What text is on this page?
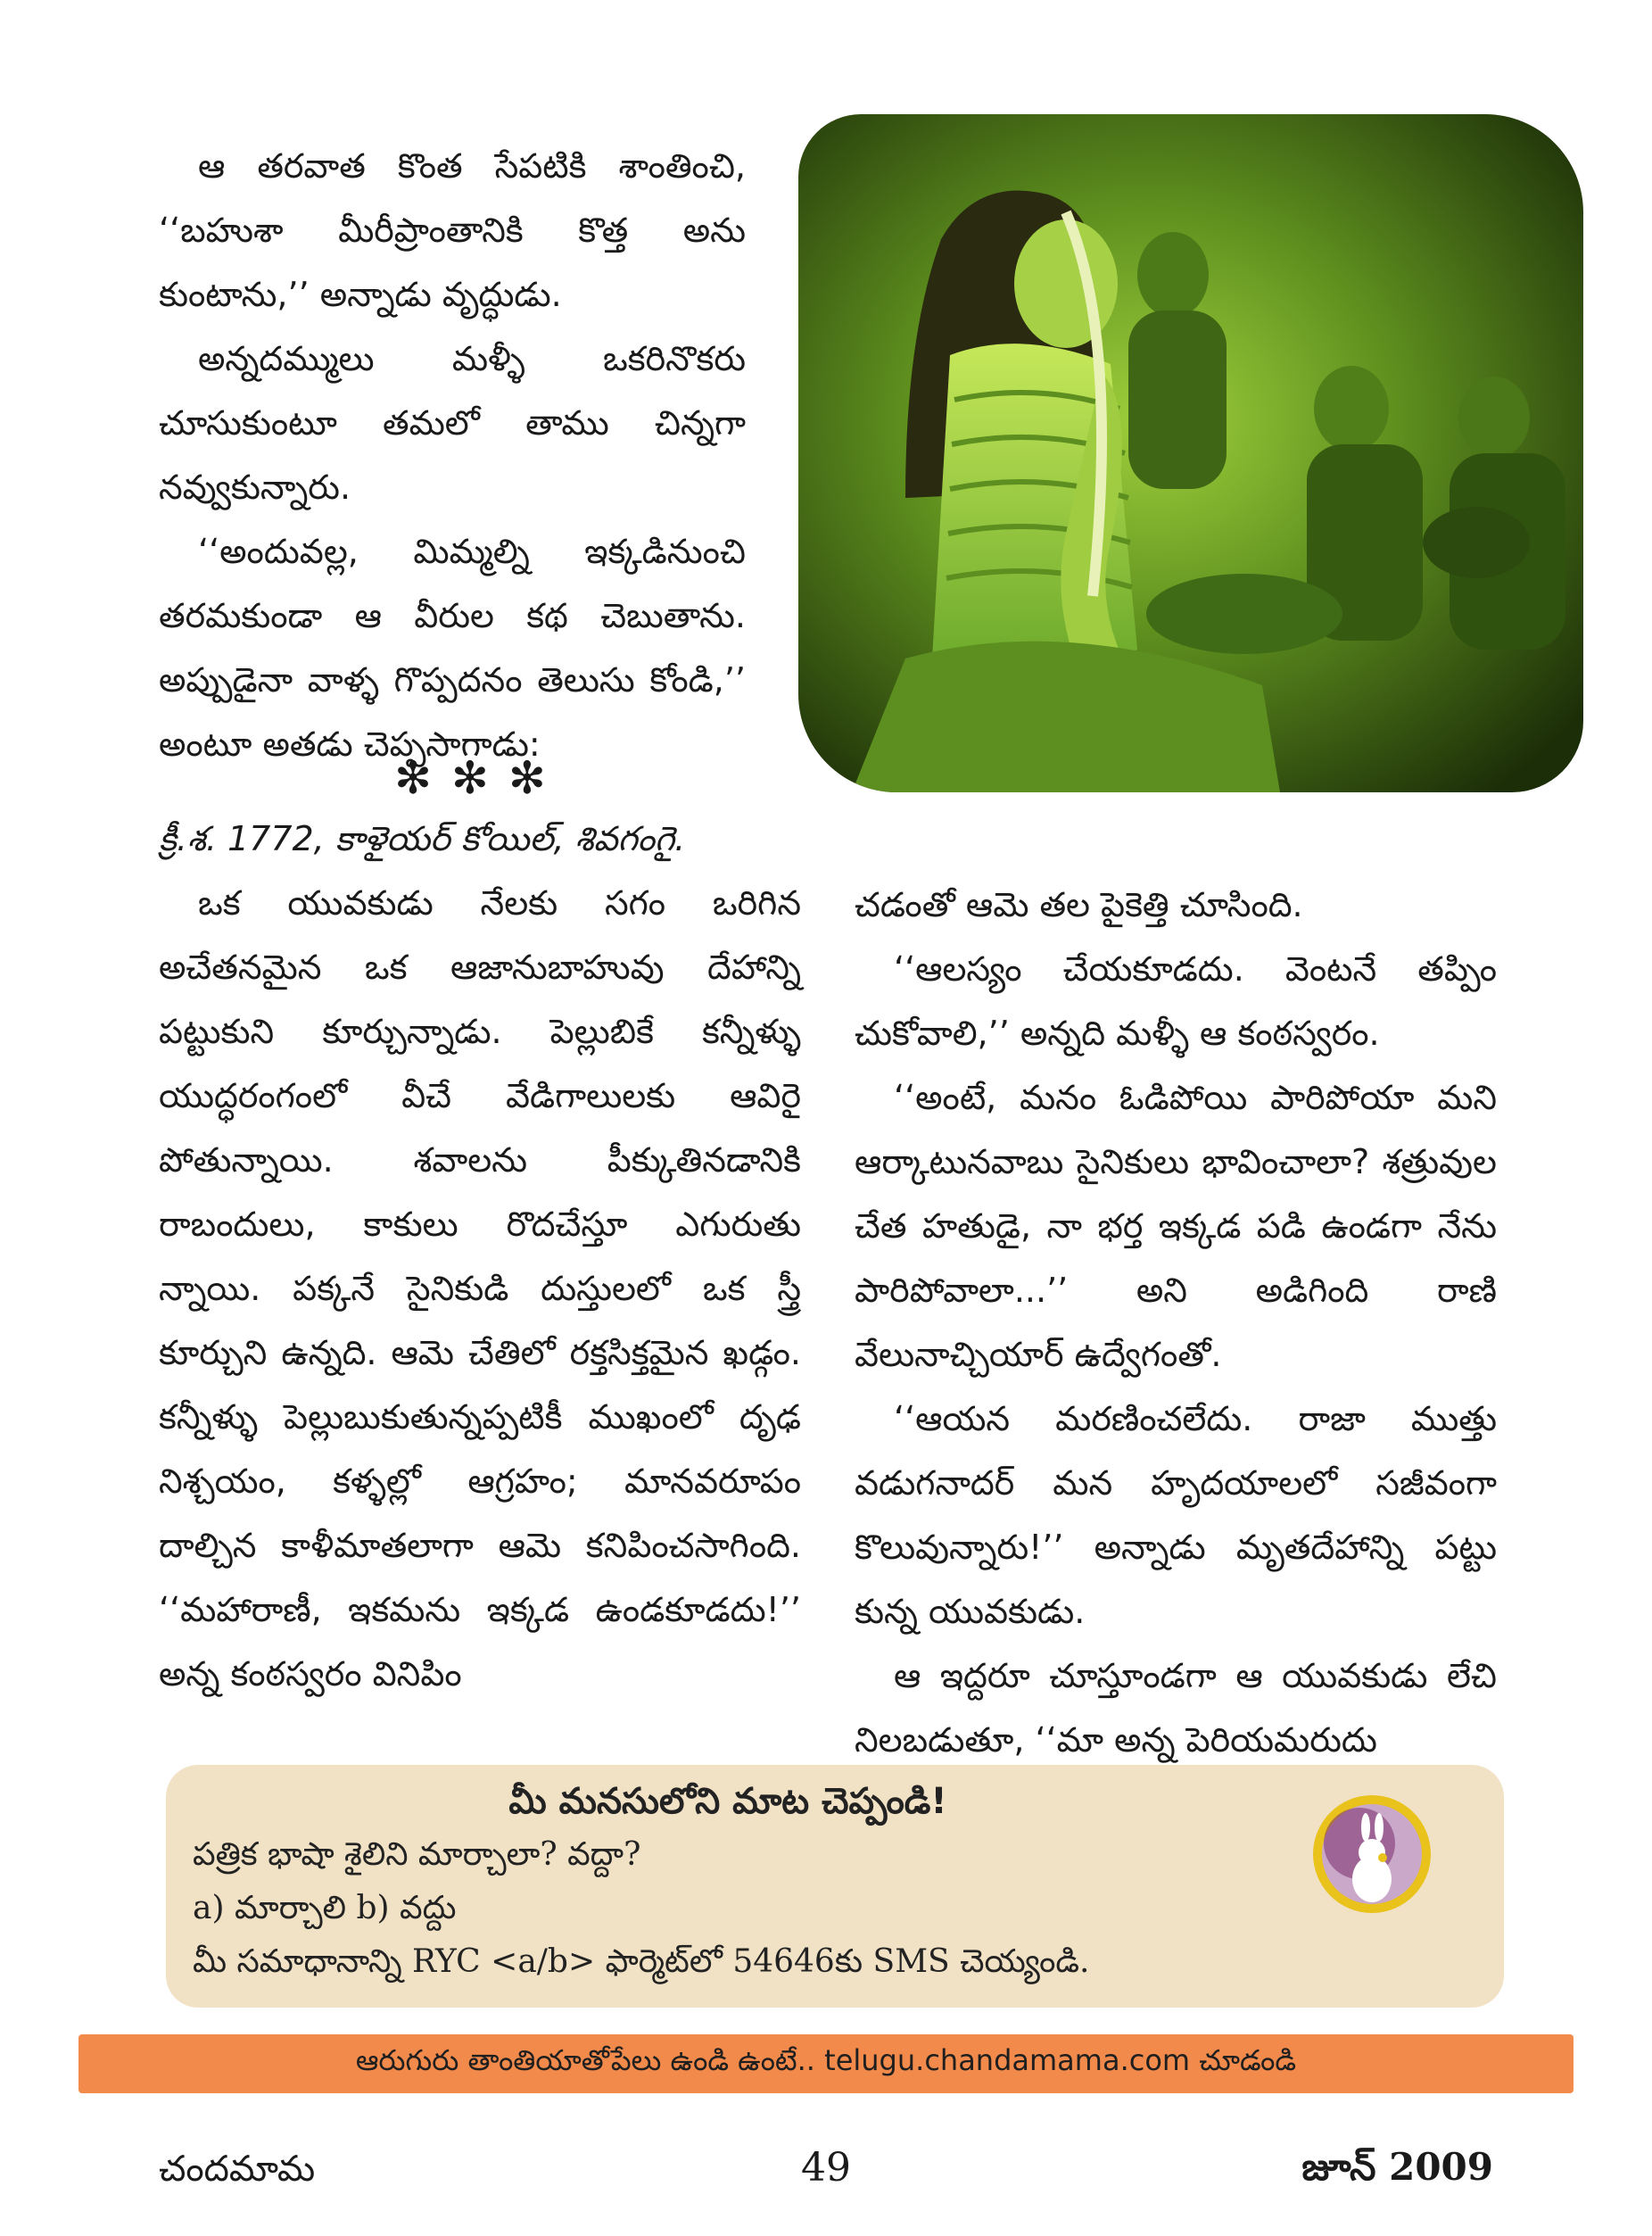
ఆ తరవాత కొంత సేపటికి శాంతించి, ‘‘బహుశా మీరీప్రాంతానికి కొత్త అను కుంటాను,’’ అన్నాడు వృద్ధుడు.

అన్నదమ్ములు మళ్ళీ ఒకరినొకరు చూసుకుంటూ తమలో తాము చిన్నగా నవ్వుకున్నారు.

‘‘అందువల్ల, మిమ్మల్ని ఇక్కడినుంచి తరమకుండా ఆ వీరుల కథ చెబుతాను. అప్పుడైనా వాళ్ళ గొప్పదనం తెలుసు కోండి,’’ అంటూ అతడు చెప్పసాగాడు:

✻✻✻

క్రీ.శ. 1772, కాళైయర్ కోయిల్, శివగంగై.

ఒక యువకుడు నేలకు సగం ఒరిగిన అచేతనమైన ఒక ఆజానుబాహువు దేహాన్ని పట్టుకుని కూర్చున్నాడు. పెల్లుబికే కన్నీళ్ళు యుద్ధరంగంలో వీచే వేడిగాలులకు ఆవిరై పోతున్నాయి. శవాలను పీక్కుతినడానికి రాబందులు, కాకులు రొదచేస్తూ ఎగురుతు న్నాయి. పక్కనే సైనికుడి దుస్తులలో ఒక స్త్రీ కూర్చుని ఉన్నది. ఆమె చేతిలో రక్తసిక్తమైన ఖడ్గం. కన్నీళ్ళు పెల్లుబుకుతున్నప్పటికీ ముఖంలో దృఢ నిశ్చయం, కళ్ళల్లో ఆగ్రహం; మానవరూపం దాల్చిన కాళీమాతలాగా ఆమె కనిపించసాగింది. ‘‘మహారాణీ, ఇకమను ఇక్కడ ఉండకూడదు!’’ అన్న కంఠస్వరం వినిపిం

చడంతో ఆమె తల పైకెత్తి చూసింది.

‘‘ఆలస్యం చేయకూడదు. వెంటనే తప్పిం చుకోవాలి,’’ అన్నది మళ్ళీ ఆ కంఠస్వరం.

‘‘అంటే, మనం ఓడిపోయి పారిపోయా మని ఆర్కాటునవాబు సైనికులు భావించాలా? శత్రువుల చేత హతుడై, నా భర్త ఇక్కడ పడి ఉండగా నేను పారిపోవాలా...’’ అని అడిగింది రాణి వేలునాచ్చియార్ ఉద్వేగంతో.

‘‘ఆయన మరణించలేదు. రాజా ముత్తు వడుగనాదర్ మన హృదయాలలో సజీవంగా కొలువున్నారు!’’ అన్నాడు మృతదేహాన్ని పట్టు కున్న యువకుడు.

ఆ ఇద్దరూ చూస్తూండగా ఆ యువకుడు లేచి నిలబడుతూ, ‘‘మా అన్న పెరియమరుదు

మీ మనసులోని మాట చెప్పండి!
పత్రిక భాషా శైలిని మార్చాలా? వద్దా?
a) మార్చాలి b) వద్దు
మీ సమాధానాన్ని RYC <a/b> ఫార్మెట్‌లో 54646కు SMS చెయ్యండి.
ఆరుగురు తాంతియాతోపేలు ఉండి ఉంటే.. telugu.chandamama.com చూడండి
చందమామ	49	జూన్ 2009
